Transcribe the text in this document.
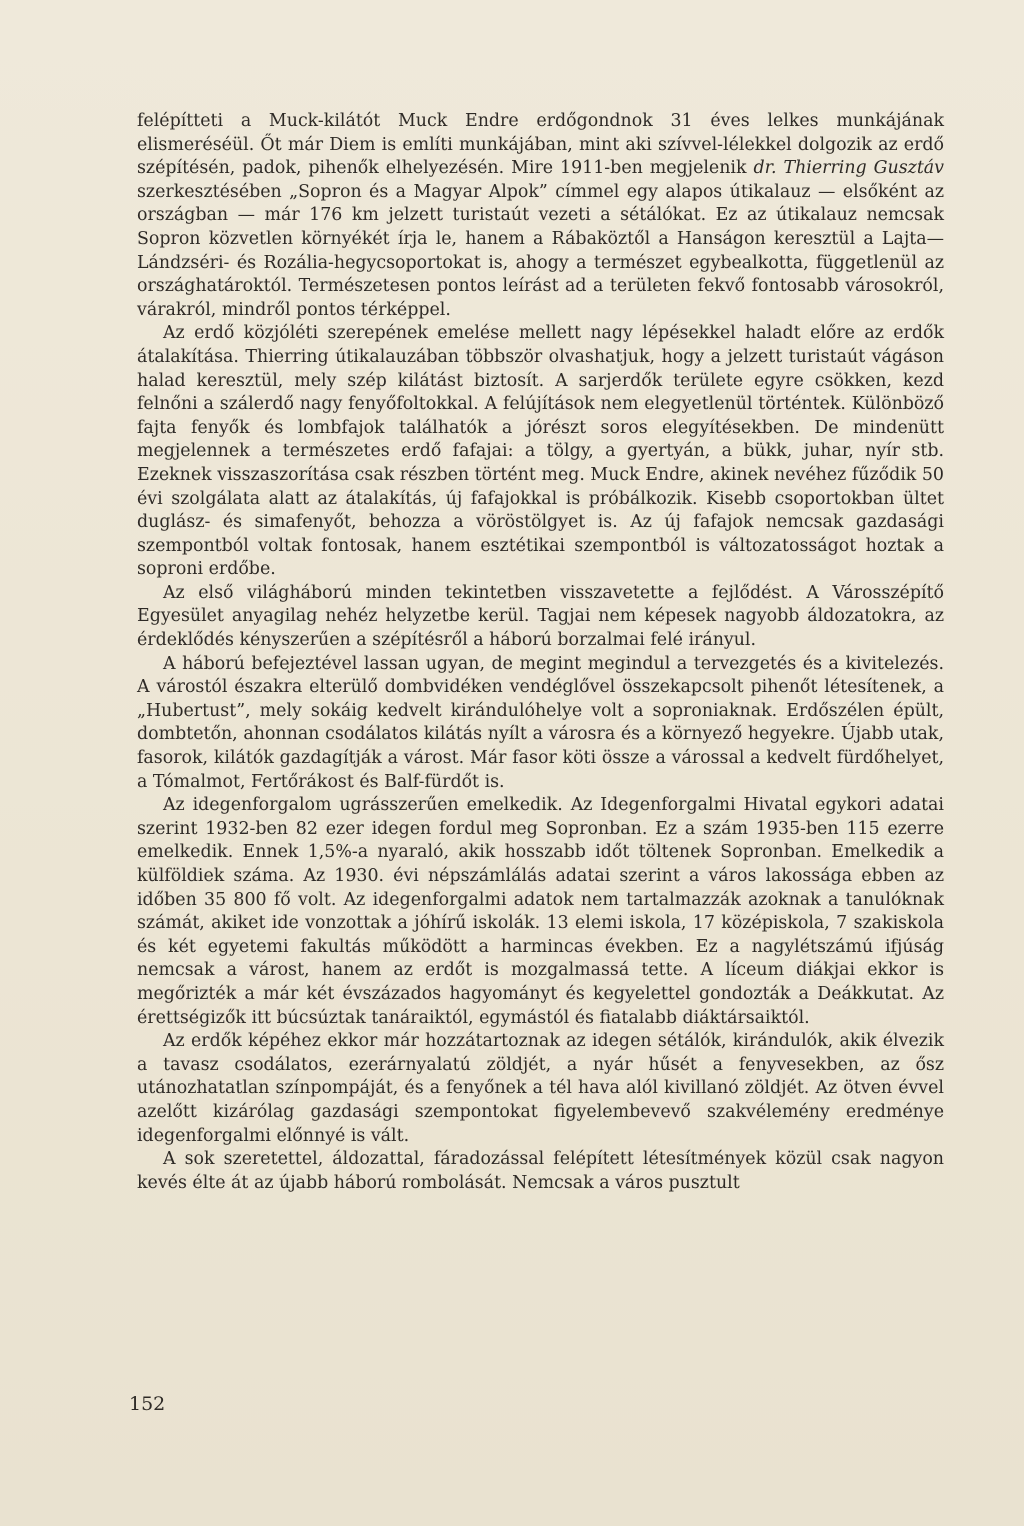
felépítteti a Muck-kilátót Muck Endre erdőgondnok 31 éves lelkes munkájának elismeréséül. Őt már Diem is említi munkájában, mint aki szívvel-lélekkel dolgozik az erdő szépítésén, padok, pihenők elhelyezésén. Mire 1911-ben megjelenik dr. Thierring Gusztáv szerkesztésében „Sopron és a Magyar Alpok” címmel egy alapos útikalauz — elsőként az országban — már 176 km jelzett turistaút vezeti a sétálókat. Ez az útikalauz nemcsak Sopron közvetlen környékét írja le, hanem a Rábaköztől a Hanságon keresztül a Lajta—Lándzséri- és Rozália-hegycsoportokat is, ahogy a természet egybealkotta, függetlenül az országhatároktól. Természetesen pontos leírást ad a területen fekvő fontosabb városokról, várakról, mindről pontos térképpel.

Az erdő közjóléti szerepének emelése mellett nagy lépésekkel haladt előre az erdők átalakítása. Thierring útikalauzában többször olvashatjuk, hogy a jelzett turistaút vágáson halad keresztül, mely szép kilátást biztosít. A sarjerdők területe egyre csökken, kezd felnőni a szálerdő nagy fenyőfoltokkal. A felújítások nem elegyetlenül történtek. Különböző fajta fenyők és lombfajok találhatók a jórészt soros elegyítésekben. De mindenütt megjelennek a természetes erdő fafajai: a tölgy, a gyertyán, a bükk, juhar, nyír stb. Ezeknek visszaszorítása csak részben történt meg. Muck Endre, akinek nevéhez fűződik 50 évi szolgálata alatt az átalakítás, új fafajokkal is próbálkozik. Kisebb csoportokban ültet duglász- és simafenyőt, behozza a vöröstölgyet is. Az új fafajok nemcsak gazdasági szempontból voltak fontosak, hanem esztétikai szempontból is változatosságot hoztak a soproni erdőbe.

Az első világháború minden tekintetben visszavetette a fejlődést. A Városszépítő Egyesület anyagilag nehéz helyzetbe kerül. Tagjai nem képesek nagyobb áldozatokra, az érdeklődés kényszerűen a szépítésről a háború borzalmai felé irányul.

A háború befejeztével lassan ugyan, de megint megindul a tervezgetés és a kivitelezés. A várostól északra elterülő dombvidéken vendéglővel összekapcsolt pihenőt létesítenek, a „Hubertust”, mely sokáig kedvelt kirándulóhelye volt a soproniaknak. Erdőszélen épült, dombtetőn, ahonnan csodálatos kilátás nyílt a városra és a környező hegyekre. Újabb utak, fasorok, kilátók gazdagítják a várost. Már fasor köti össze a várossal a kedvelt fürdőhelyet, a Tómalmot, Fertőrákost és Balf-fürdőt is.

Az idegenforgalom ugrásszerűen emelkedik. Az Idegenforgalmi Hivatal egykori adatai szerint 1932-ben 82 ezer idegen fordul meg Sopronban. Ez a szám 1935-ben 115 ezerre emelkedik. Ennek 1,5%-a nyaraló, akik hosszabb időt töltenek Sopronban. Emelkedik a külföldiek száma. Az 1930. évi népszámlálás adatai szerint a város lakossága ebben az időben 35 800 fő volt. Az idegenforgalmi adatok nem tartalmazzák azoknak a tanulóknak számát, akiket ide vonzottak a jóhírű iskolák. 13 elemi iskola, 17 középiskola, 7 szakiskola és két egyetemi fakultás működött a harmincas években. Ez a nagylétszámú ifjúság nemcsak a várost, hanem az erdőt is mozgalmassá tette. A líceum diákjai ekkor is megőrizték a már két évszázados hagyományt és kegyelettel gondozták a Deákkutat. Az érettségizők itt búcsúztak tanáraiktól, egymástól és fiatalabb diáktársaiktól.

Az erdők képéhez ekkor már hozzátartoznak az idegen sétálók, kirándulók, akik élvezik a tavasz csodálatos, ezerárnyalatú zöldjét, a nyár hűsét a fenyvesekben, az ősz utánozhatatlan színpompáját, és a fenyőnek a tél hava alól kivillanó zöldjét. Az ötven évvel azelőtt kizárólag gazdasági szempontokat figyelembevevő szakvélemény eredménye idegenforgalmi előnnyé is vált.

A sok szeretettel, áldozattal, fáradozással felépített létesítmények közül csak nagyon kevés élte át az újabb háború rombolását. Nemcsak a város pusztult

152
